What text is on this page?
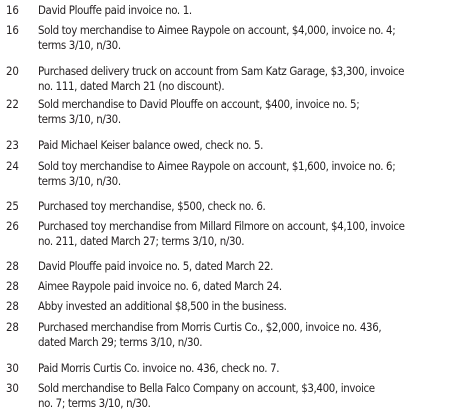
16	David Plouffe paid invoice no. 1.
16	Sold toy merchandise to Aimee Raypole on account, $4,000, invoice no. 4;
terms 3/10, n/30.
20	Purchased delivery truck on account from Sam Katz Garage, $3,300, invoice
no. 111, dated March 21 (no discount).
22	Sold merchandise to David Plouffe on account, $400, invoice no. 5;
terms 3/10, n/30.
23	Paid Michael Keiser balance owed, check no. 5.
24	Sold toy merchandise to Aimee Raypole on account, $1,600, invoice no. 6;
terms 3/10, n/30.
25	Purchased toy merchandise, $500, check no. 6.
26	Purchased toy merchandise from Millard Filmore on account, $4,100, invoice
no. 211, dated March 27; terms 3/10, n/30.
28	David Plouffe paid invoice no. 5, dated March 22.
28	Aimee Raypole paid invoice no. 6, dated March 24.
28	Abby invested an additional $8,500 in the business.
28	Purchased merchandise from Morris Curtis Co., $2,000, invoice no. 436,
dated March 29; terms 3/10, n/30.
30	Paid Morris Curtis Co. invoice no. 436, check no. 7.
30	Sold merchandise to Bella Falco Company on account, $3,400, invoice
no. 7; terms 3/10, n/30.
